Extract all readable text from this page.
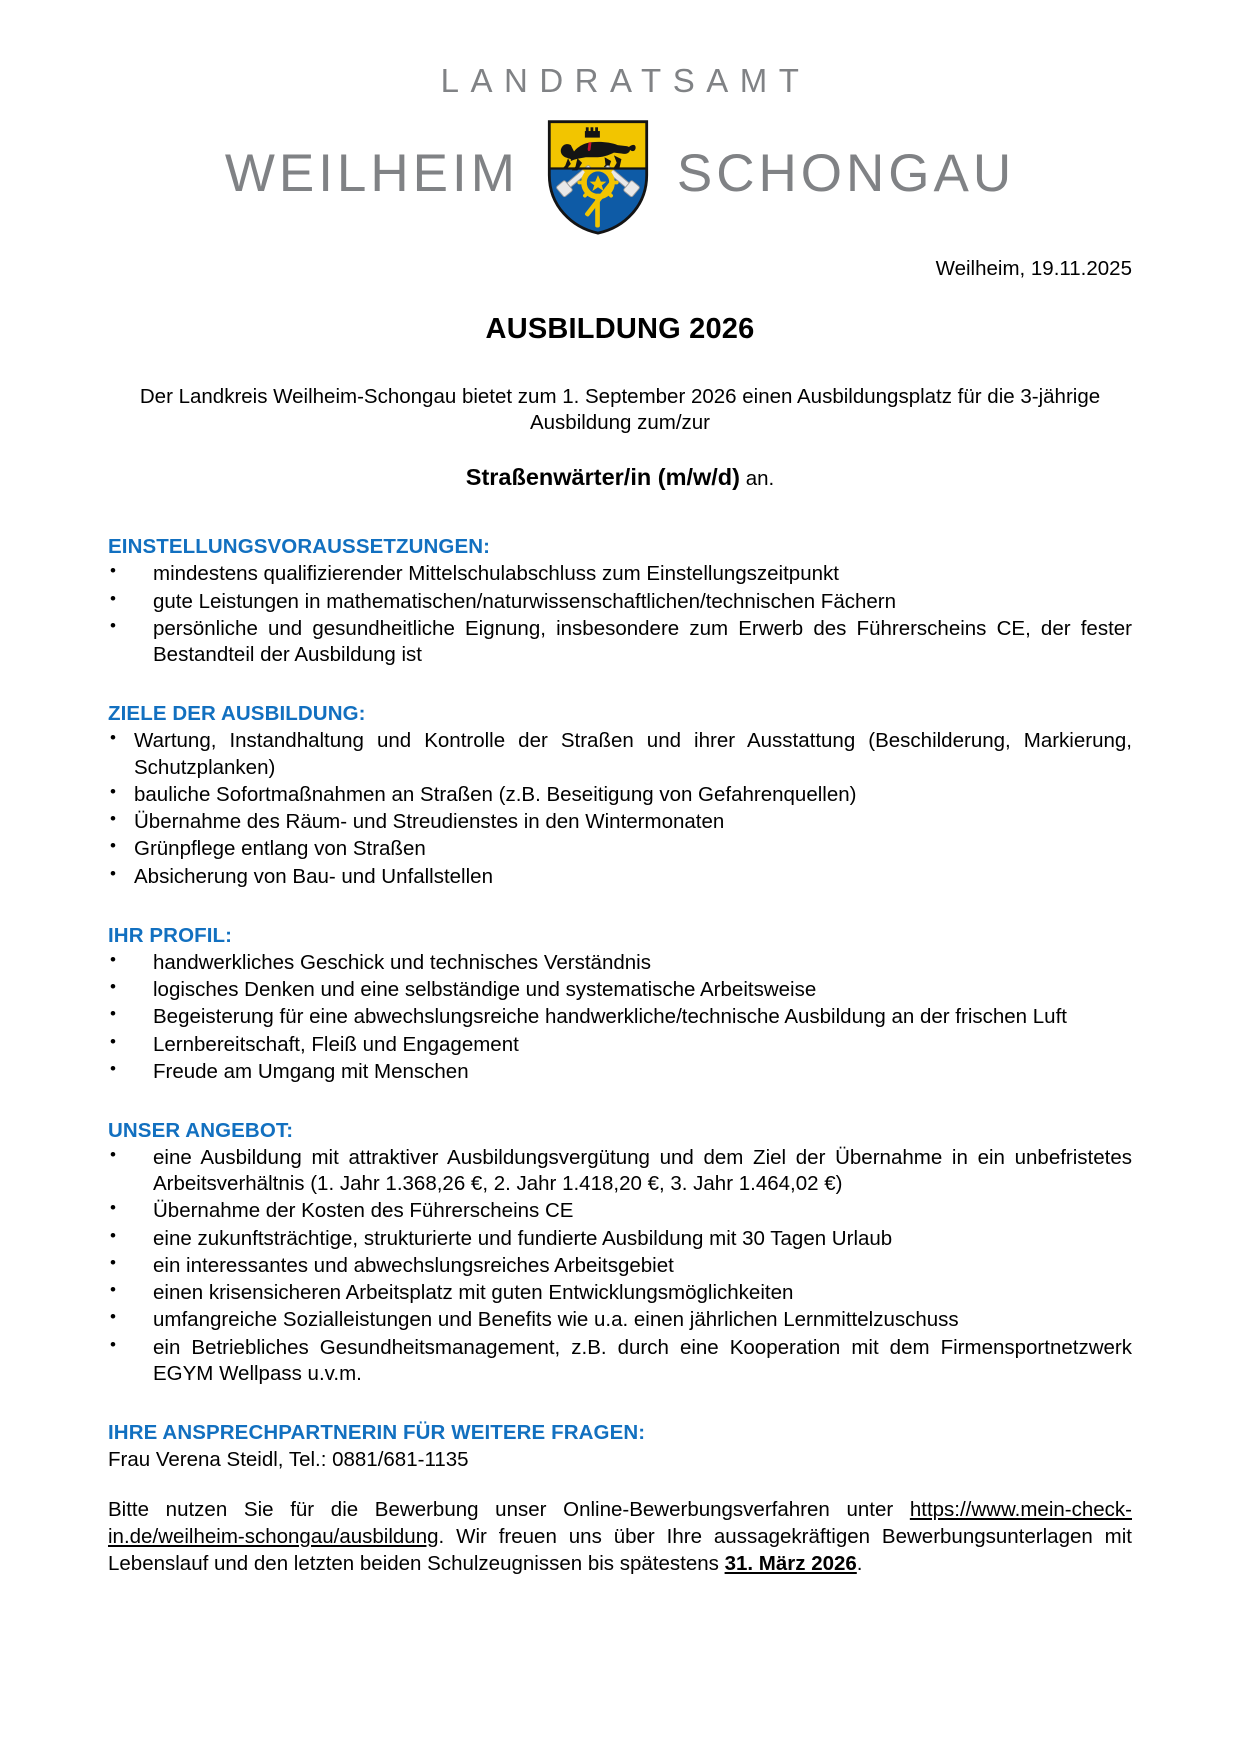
LANDRATSAMT
WEILHEIM	SCHONGAU
Weilheim, 19.11.2025
AUSBILDUNG 2026

Der Landkreis Weilheim-Schongau bietet zum 1. September 2026 einen Ausbildungsplatz für die 3-jährige Ausbildung zum/zur

Straßenwärter/in (m/w/d) an.

EINSTELLUNGSVORAUSSETZUNGEN:
• mindestens qualifizierender Mittelschulabschluss zum Einstellungszeitpunkt
• gute Leistungen in mathematischen/naturwissenschaftlichen/technischen Fächern
• persönliche und gesundheitliche Eignung, insbesondere zum Erwerb des Führerscheins CE, der fester Bestandteil der Ausbildung ist
ZIELE DER AUSBILDUNG:
• Wartung, Instandhaltung und Kontrolle der Straßen und ihrer Ausstattung (Beschilderung, Markierung, Schutzplanken)
• bauliche Sofortmaßnahmen an Straßen (z.B. Beseitigung von Gefahrenquellen)
• Übernahme des Räum- und Streudienstes in den Wintermonaten
• Grünpflege entlang von Straßen
• Absicherung von Bau- und Unfallstellen
IHR PROFIL:
• handwerkliches Geschick und technisches Verständnis
• logisches Denken und eine selbständige und systematische Arbeitsweise
• Begeisterung für eine abwechslungsreiche handwerkliche/technische Ausbildung an der frischen Luft
• Lernbereitschaft, Fleiß und Engagement
• Freude am Umgang mit Menschen
UNSER ANGEBOT:
• eine Ausbildung mit attraktiver Ausbildungsvergütung und dem Ziel der Übernahme in ein unbefristetes Arbeitsverhältnis (1. Jahr 1.368,26 €, 2. Jahr 1.418,20 €, 3. Jahr 1.464,02 €)
• Übernahme der Kosten des Führerscheins CE
• eine zukunftsträchtige, strukturierte und fundierte Ausbildung mit 30 Tagen Urlaub
• ein interessantes und abwechslungsreiches Arbeitsgebiet
• einen krisensicheren Arbeitsplatz mit guten Entwicklungsmöglichkeiten
• umfangreiche Sozialleistungen und Benefits wie u.a. einen jährlichen Lernmittelzuschuss
• ein Betriebliches Gesundheitsmanagement, z.B. durch eine Kooperation mit dem Firmensportnetzwerk EGYM Wellpass u.v.m.
IHRE ANSPRECHPARTNERIN FÜR WEITERE FRAGEN:
Frau Verena Steidl, Tel.: 0881/681-1135

Bitte nutzen Sie für die Bewerbung unser Online-Bewerbungsverfahren unter https://www.mein-check-in.de/weilheim-schongau/ausbildung. Wir freuen uns über Ihre aussagekräftigen Bewerbungsunterlagen mit Lebenslauf und den letzten beiden Schulzeugnissen bis spätestens 31. März 2026.
